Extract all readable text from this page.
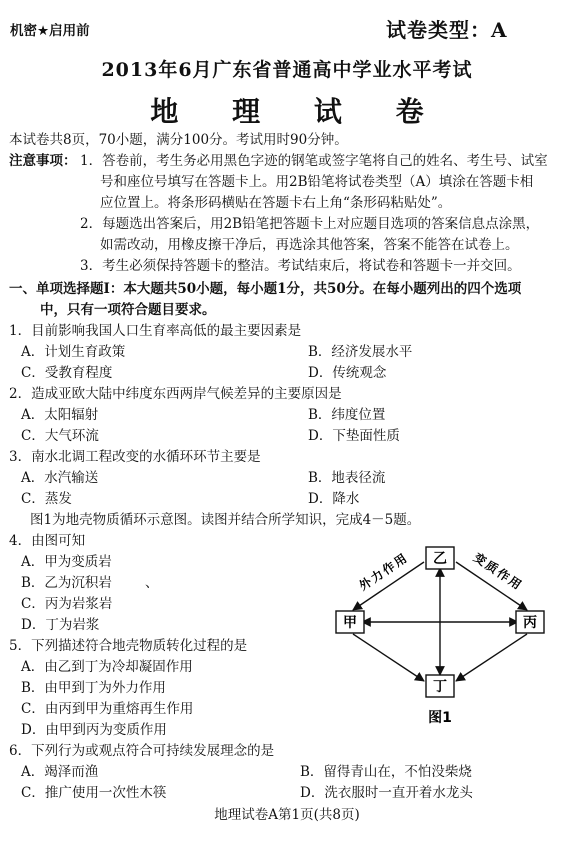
机密★启用前	试卷类型：A
2013年6月广东省普通高中学业水平考试
地 理 试 卷
本试卷共8页，70小题，满分100分。考试用时90分钟。
注意事项： 1．答卷前，考生务必用黑色字迹的钢笔或签字笔将自己的姓名、考生号、试室
号和座位号填写在答题卡上。用2B铅笔将试卷类型（A）填涂在答题卡相
应位置上。将条形码横贴在答题卡右上角“条形码粘贴处”。
2．每题选出答案后，用2B铅笔把答题卡上对应题目选项的答案信息点涂黑，
如需改动，用橡皮擦干净后，再选涂其他答案，答案不能答在试卷上。
3．考生必须保持答题卡的整洁。考试结束后，将试卷和答题卡一并交回。
一、单项选择题Ⅰ：本大题共50小题，每小题1分，共50分。在每小题列出的四个选项
中，只有一项符合题目要求。
1．目前影响我国人口生育率高低的最主要因素是
A．计划生育政策	B．经济发展水平
C．受教育程度	D．传统观念
2．造成亚欧大陆中纬度东西两岸气候差异的主要原因是
A．太阳辐射	B．纬度位置
C．大气环流	D．下垫面性质
3．南水北调工程改变的水循环环节主要是
A．水汽输送	B．地表径流
C．蒸发	D．降水
图1为地壳物质循环示意图。读图并结合所学知识，完成4－5题。
4．由图可知
A．甲为变质岩
B．乙为沉积岩 、
C．丙为岩浆岩
D．丁为岩浆
5．下列描述符合地壳物质转化过程的是
A．由乙到丁为冷却凝固作用
B．由甲到丁为外力作用
C．由丙到甲为重熔再生作用
D．由甲到丙为变质作用
乙
甲	丙
丁
外力作用	变质作用
图1
6．下列行为或观点符合可持续发展理念的是
A．竭泽而渔	B．留得青山在，不怕没柴烧
C．推广使用一次性木筷	D．洗衣服时一直开着水龙头
地理试卷A第1页(共8页)
